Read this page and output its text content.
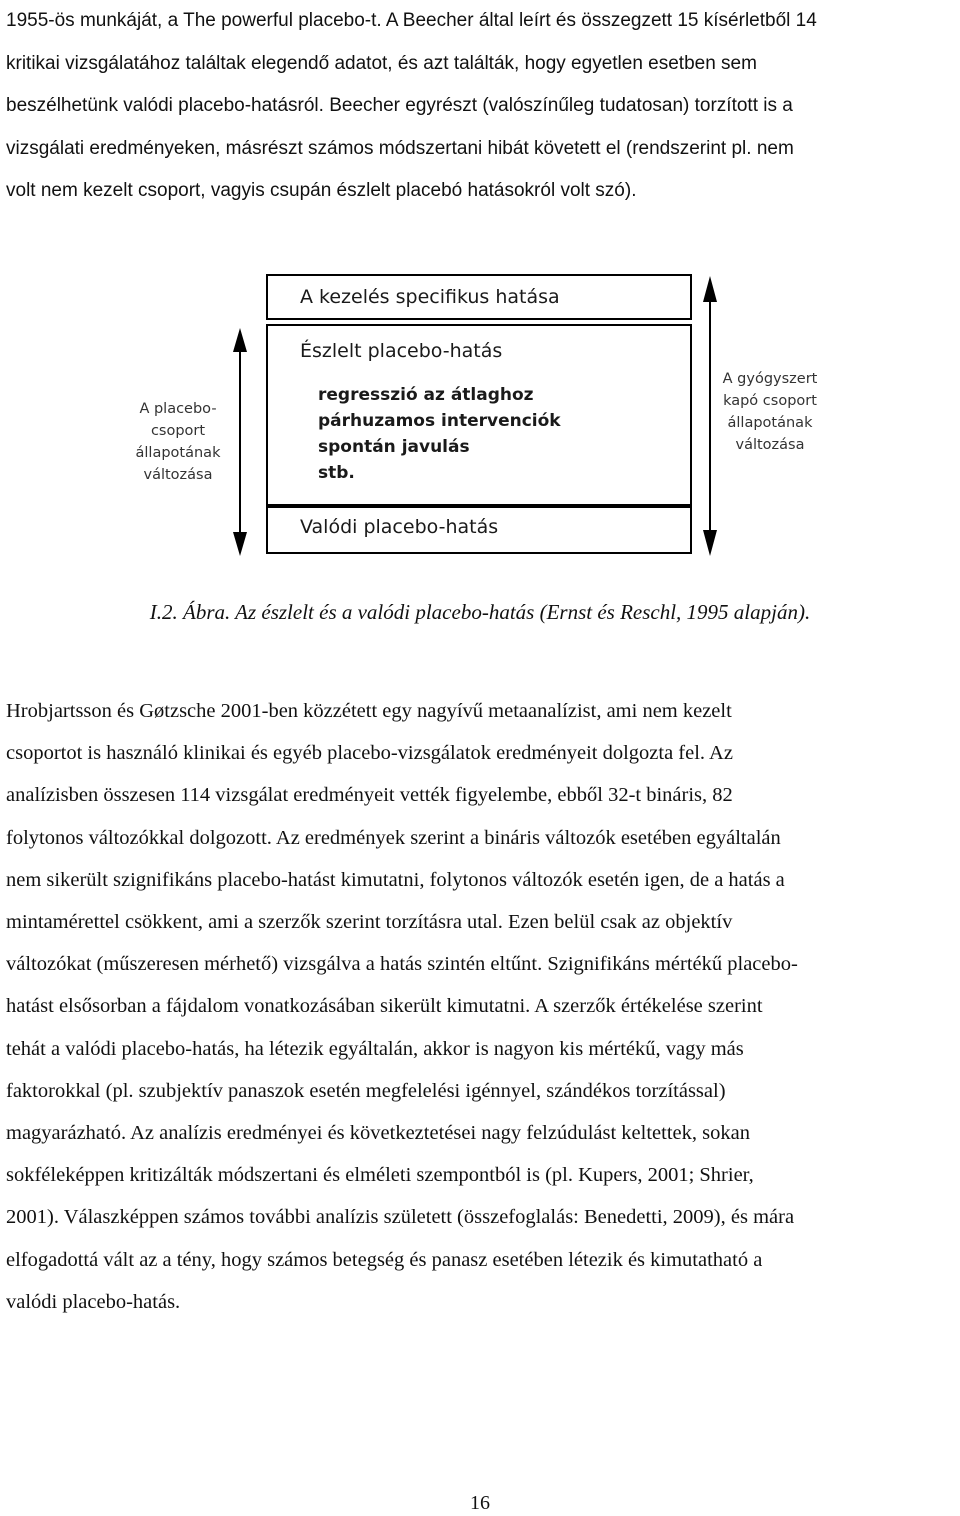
1955-ös munkáját, a The powerful placebo-t. A Beecher által leírt és összegzett 15 kísérletből 14
kritikai vizsgálatához találtak elegendő adatot, és azt találták, hogy egyetlen esetben sem
beszélhetünk valódi placebo-hatásról. Beecher egyrészt (valószínűleg tudatosan) torzított is a
vizsgálati eredményeken, másrészt számos módszertani hibát követett el (rendszerint pl. nem
volt nem kezelt csoport, vagyis csupán észlelt placebó hatásokról volt szó).

A kezelés specifikus hatása
Észlelt placebo-hatás
regresszió az átlaghoz
párhuzamos intervenciók
spontán javulás
stb.
Valódi placebo-hatás
A placebo-
csoport
állapotának
változása
A gyógyszert
kapó csoport
állapotának
változása

I.2. Ábra. Az észlelt és a valódi placebo-hatás (Ernst és Reschl, 1995 alapján).

Hrobjartsson és Gøtzsche 2001-ben közzétett egy nagyívű metaanalízist, ami nem kezelt
csoportot is használó klinikai és egyéb placebo-vizsgálatok eredményeit dolgozta fel. Az
analízisben összesen 114 vizsgálat eredményeit vették figyelembe, ebből 32-t bináris, 82
folytonos változókkal dolgozott. Az eredmények szerint a bináris változók esetében egyáltalán
nem sikerült szignifikáns placebo-hatást kimutatni, folytonos változók esetén igen, de a hatás a
mintamérettel csökkent, ami a szerzők szerint torzításra utal. Ezen belül csak az objektív
változókat (műszeresen mérhető) vizsgálva a hatás szintén eltűnt. Szignifikáns mértékű placebo-
hatást elsősorban a fájdalom vonatkozásában sikerült kimutatni. A szerzők értékelése szerint
tehát a valódi placebo-hatás, ha létezik egyáltalán, akkor is nagyon kis mértékű, vagy más
faktorokkal (pl. szubjektív panaszok esetén megfelelési igénnyel, szándékos torzítással)
magyarázható. Az analízis eredményei és következtetései nagy felzúdulást keltettek, sokan
sokféleképpen kritizálták módszertani és elméleti szempontból is (pl. Kupers, 2001; Shrier,
2001). Válaszképpen számos további analízis született (összefoglalás: Benedetti, 2009), és mára
elfogadottá vált az a tény, hogy számos betegség és panasz esetében létezik és kimutatható a
valódi placebo-hatás.

16
